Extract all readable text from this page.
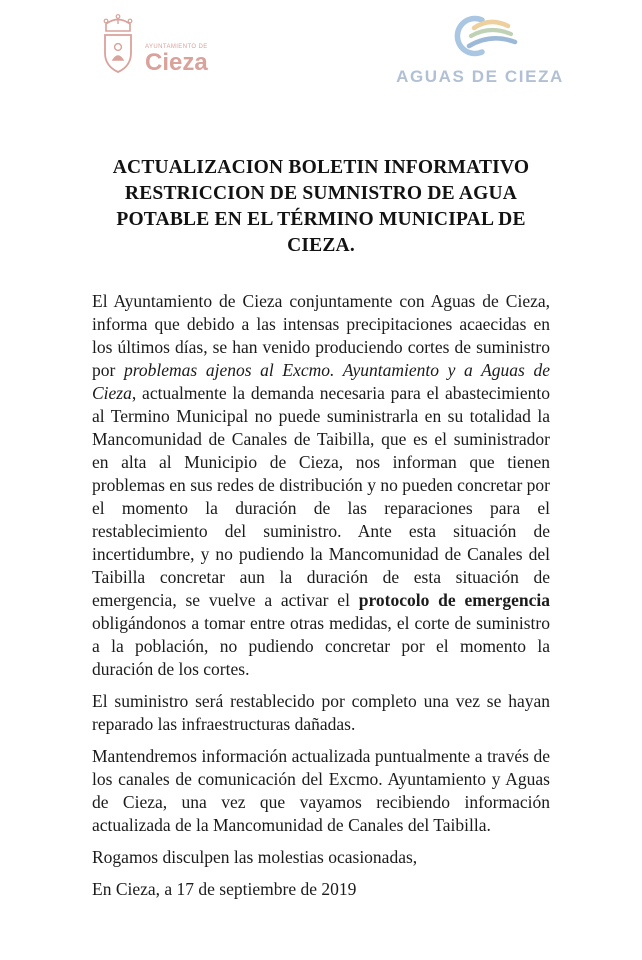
AYUNTAMIENTO DE
Cieza
AGUAS DE CIEZA
ACTUALIZACION BOLETIN INFORMATIVO
RESTRICCION DE SUMNISTRO DE AGUA
POTABLE EN EL TÉRMINO MUNICIPAL DE
CIEZA.

El Ayuntamiento de Cieza conjuntamente con Aguas de Cieza, informa que debido a las intensas precipitaciones acaecidas en los últimos días, se han venido produciendo cortes de suministro por problemas ajenos al Excmo. Ayuntamiento y a Aguas de Cieza, actualmente la demanda necesaria para el abastecimiento al Termino Municipal no puede suministrarla en su totalidad la Mancomunidad de Canales de Taibilla, que es el suministrador en alta al Municipio de Cieza, nos informan que tienen problemas en sus redes de distribución y no pueden concretar por el momento la duración de las reparaciones para el restablecimiento del suministro. Ante esta situación de incertidumbre, y no pudiendo la Mancomunidad de Canales del Taibilla concretar aun la duración de esta situación de emergencia, se vuelve a activar el protocolo de emergencia obligándonos a tomar entre otras medidas, el corte de suministro a la población, no pudiendo concretar por el momento la duración de los cortes.

El suministro será restablecido por completo una vez se hayan reparado las infraestructuras dañadas.

Mantendremos información actualizada puntualmente a través de los canales de comunicación del Excmo. Ayuntamiento y Aguas de Cieza, una vez que vayamos recibiendo información actualizada de la Mancomunidad de Canales del Taibilla.

Rogamos disculpen las molestias ocasionadas,

En Cieza, a 17 de septiembre de 2019
